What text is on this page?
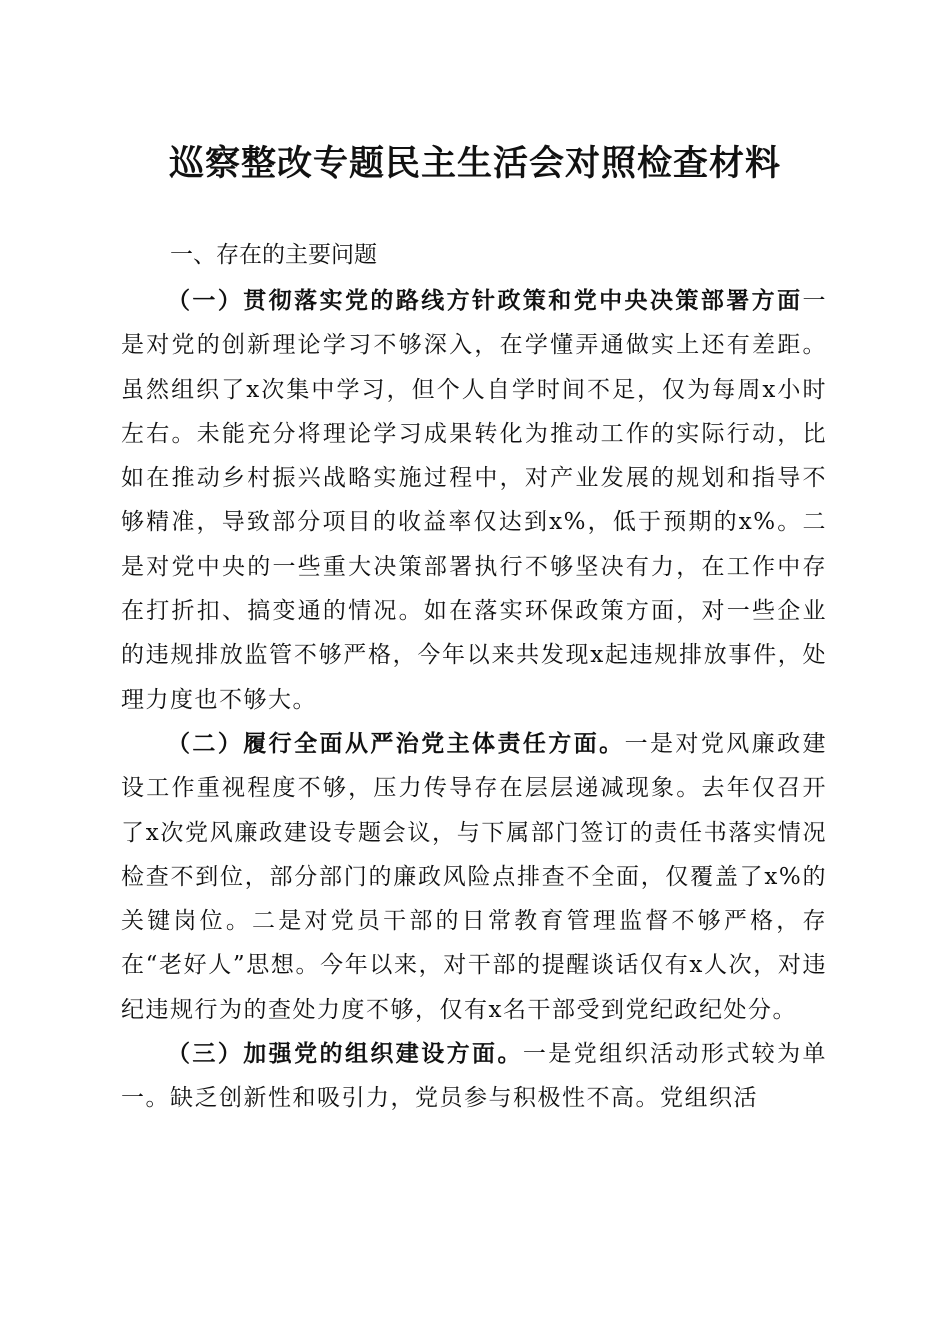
巡察整改专题民主生活会对照检查材料
一、存在的主要问题

（一）贯彻落实党的路线方针政策和党中央决策部署方面一是对党的创新理论学习不够深入，在学懂弄通做实上还有差距。虽然组织了x次集中学习，但个人自学时间不足，仅为每周x小时左右。未能充分将理论学习成果转化为推动工作的实际行动，比如在推动乡村振兴战略实施过程中，对产业发展的规划和指导不够精准，导致部分项目的收益率仅达到x%，低于预期的x%。二是对党中央的一些重大决策部署执行不够坚决有力，在工作中存在打折扣、搞变通的情况。如在落实环保政策方面，对一些企业的违规排放监管不够严格，今年以来共发现x起违规排放事件，处理力度也不够大。

（二）履行全面从严治党主体责任方面。一是对党风廉政建设工作重视程度不够，压力传导存在层层递减现象。去年仅召开了x次党风廉政建设专题会议，与下属部门签订的责任书落实情况检查不到位，部分部门的廉政风险点排查不全面，仅覆盖了x%的关键岗位。二是对党员干部的日常教育管理监督不够严格，存在“老好人”思想。今年以来，对干部的提醒谈话仅有x人次，对违纪违规行为的查处力度不够，仅有x名干部受到党纪政纪处分。

（三）加强党的组织建设方面。一是党组织活动形式较为单一。缺乏创新性和吸引力，党员参与积极性不高。党组织活
